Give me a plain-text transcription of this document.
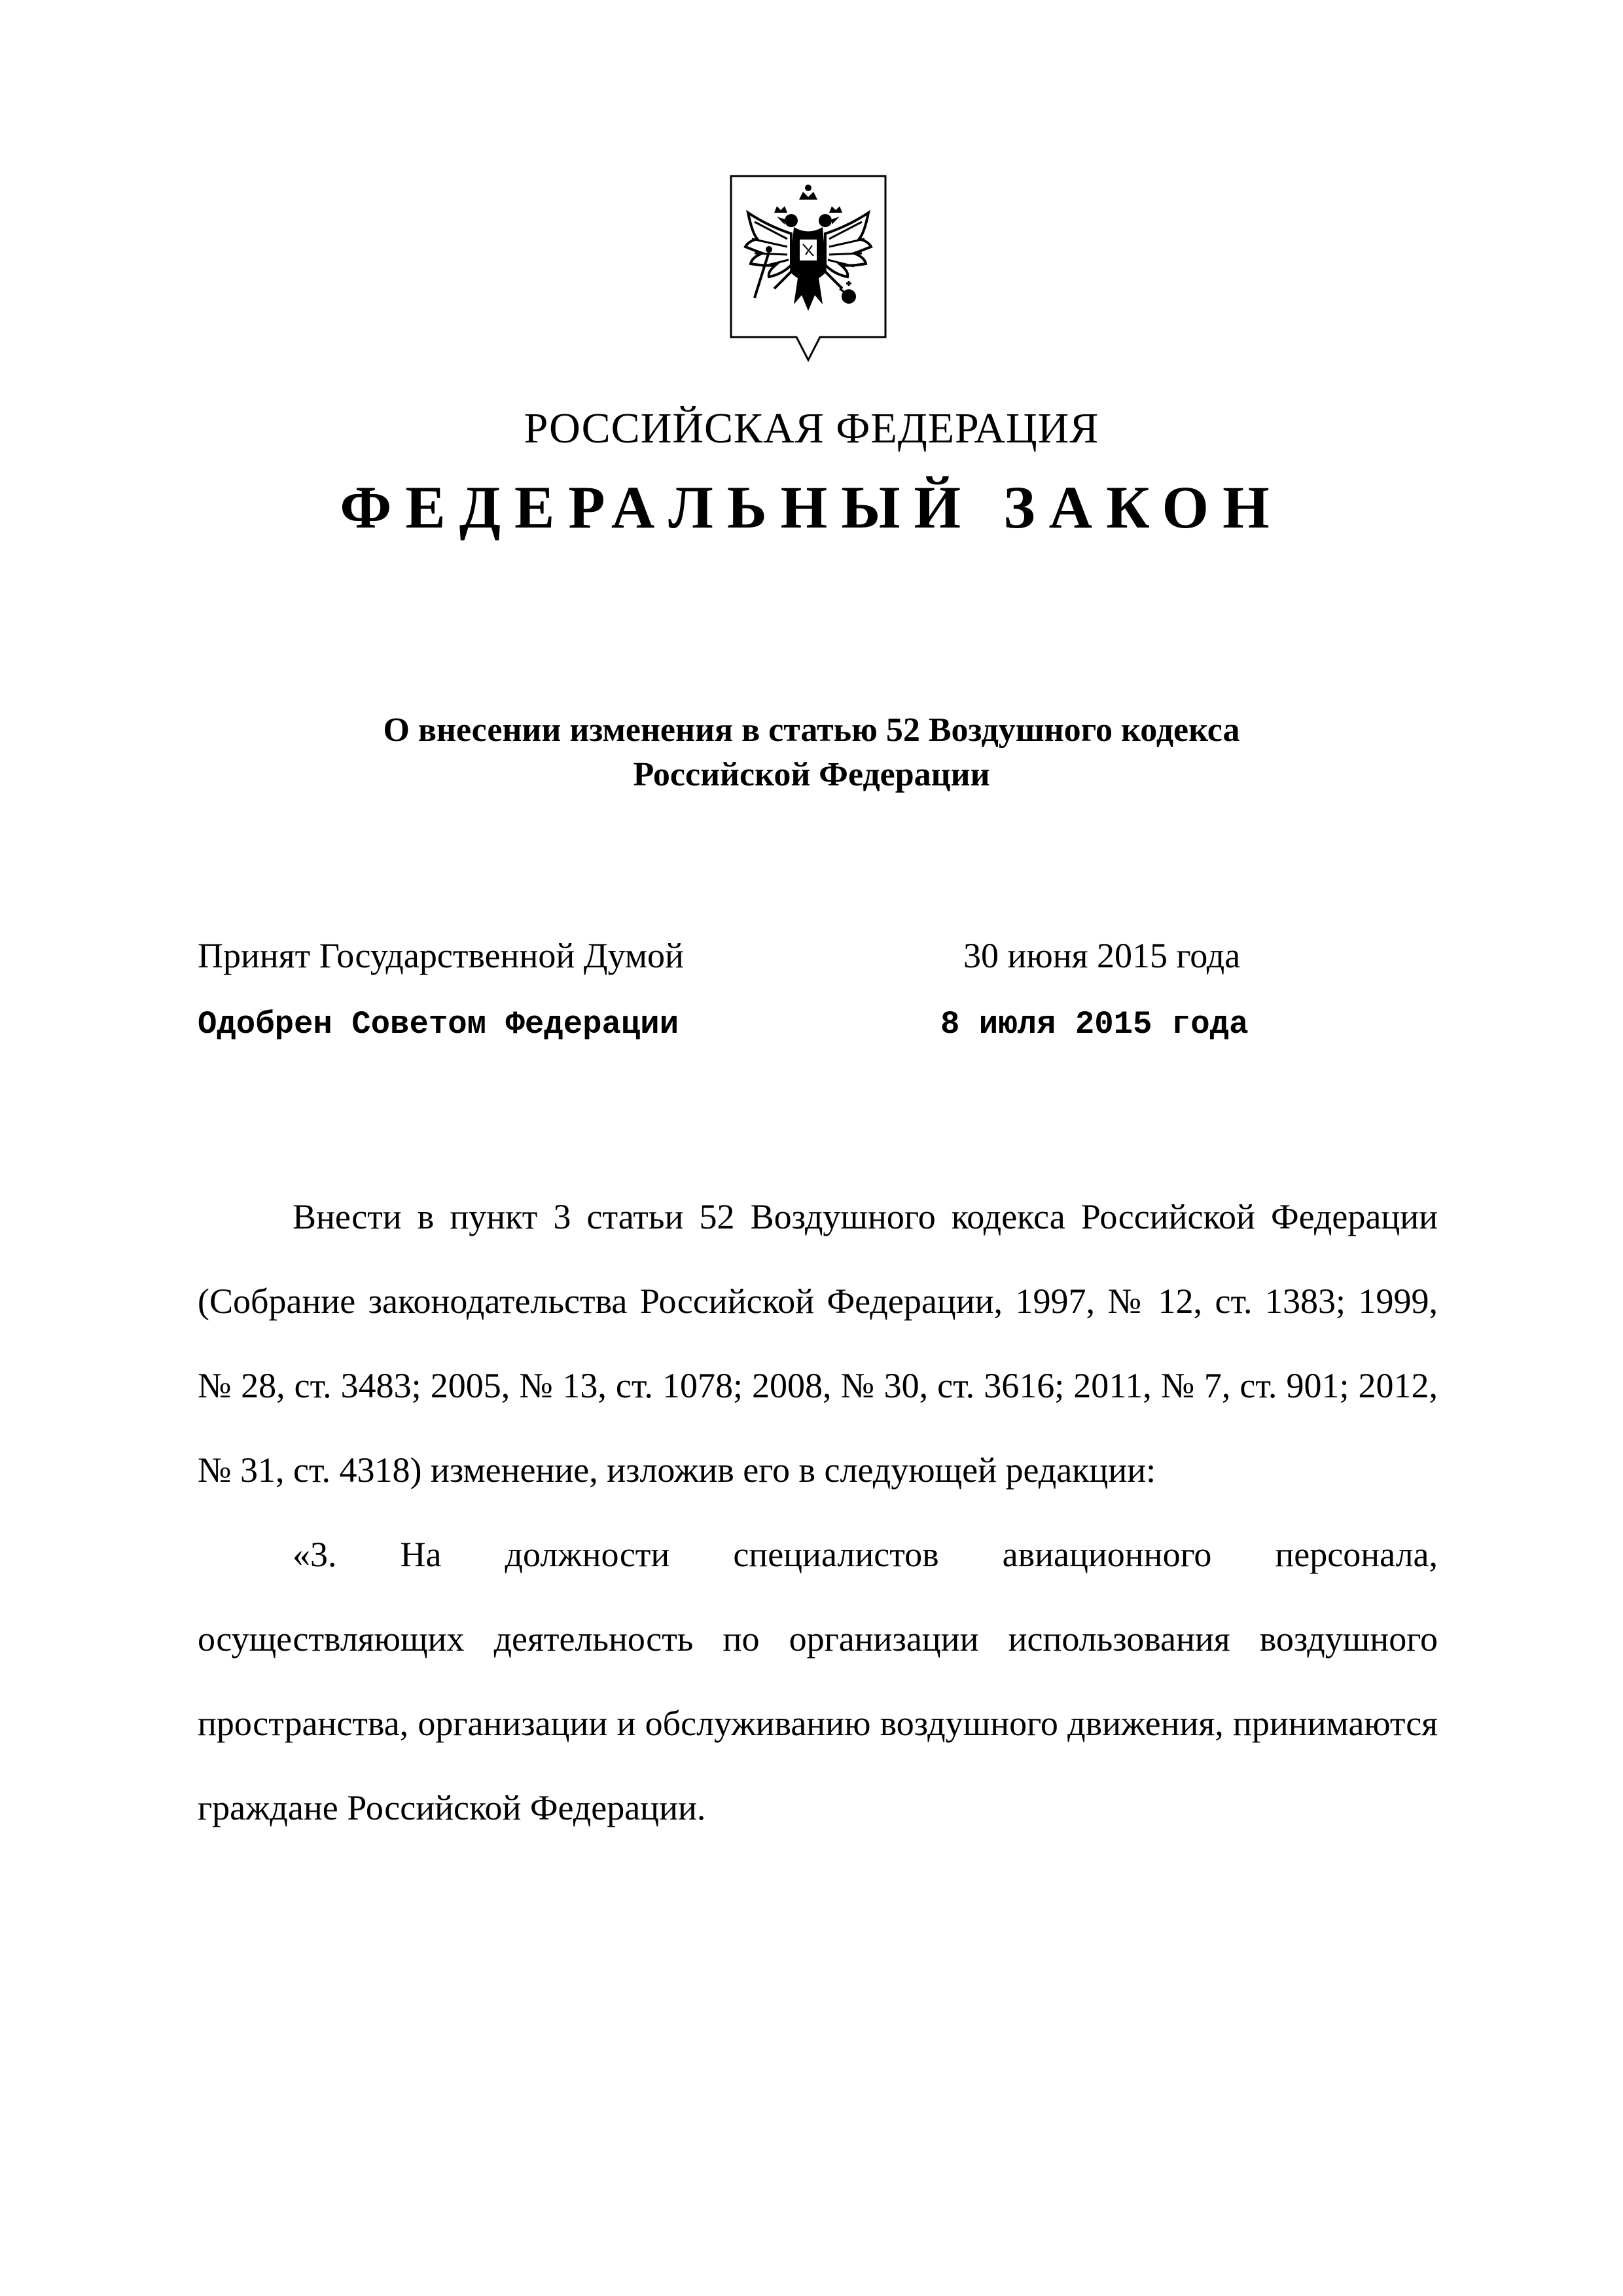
РОССИЙСКАЯ ФЕДЕРАЦИЯ
ФЕДЕРАЛЬНЫЙ ЗАКОН
О внесении изменения в статью 52 Воздушного кодекса
Российской Федерации
Принят Государственной Думой	30 июня 2015 года
Одобрен Советом Федерации	8 июля 2015 года

Внести в пункт 3 статьи 52 Воздушного кодекса Российской Федерации (Собрание законодательства Российской Федерации, 1997, № 12, ст. 1383; 1999, № 28, ст. 3483; 2005, № 13, ст. 1078; 2008, № 30, ст. 3616; 2011, № 7, ст. 901; 2012, № 31, ст. 4318) изменение, изложив его в следующей редакции:

«3. На должности специалистов авиационного персонала, осуществляющих деятельность по организации использования воздушного пространства, организации и обслуживанию воздушного движения, принимаются граждане Российской Федерации.
